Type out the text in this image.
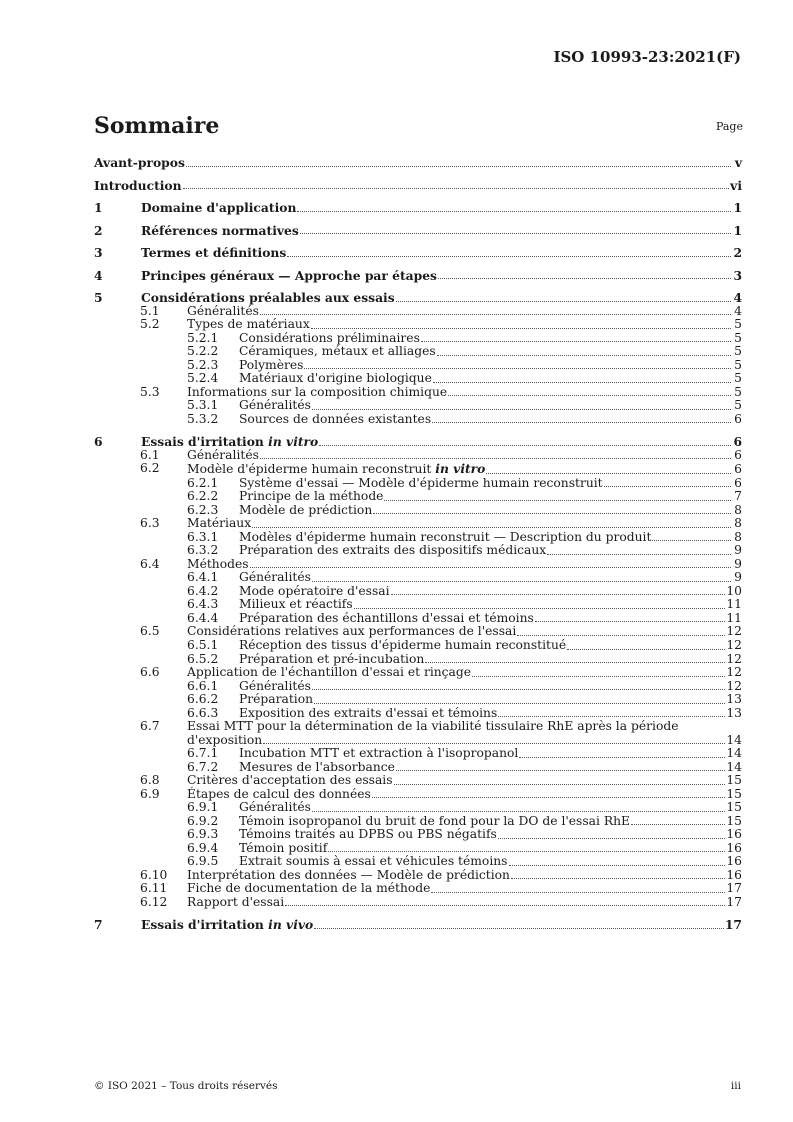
ISO 10993-23:2021(F)
Sommaire	Page
Avant-propos	v
Introduction	vi
1	Domaine d'application	1
2	Références normatives	1
3	Termes et définitions	2
4	Principes généraux — Approche par étapes	3
5	Considérations préalables aux essais	4
5.1 Généralités	4
5.2 Types de matériaux	5
5.2.1 Considérations préliminaires	5
5.2.2 Céramiques, métaux et alliages	5
5.2.3 Polymères	5
5.2.4 Matériaux d'origine biologique	5
5.3 Informations sur la composition chimique	5
5.3.1 Généralités	5
5.3.2 Sources de données existantes	6
6	Essais d'irritation in vitro	6
6.1 Généralités	6
6.2 Modèle d'épiderme humain reconstruit in vitro	6
6.2.1 Système d'essai — Modèle d'épiderme humain reconstruit	6
6.2.2 Principe de la méthode	7
6.2.3 Modèle de prédiction	8
6.3 Matériaux	8
6.3.1 Modèles d'épiderme humain reconstruit — Description du produit	8
6.3.2 Préparation des extraits des dispositifs médicaux	9
6.4 Méthodes	9
6.4.1 Généralités	9
6.4.2 Mode opératoire d'essai	10
6.4.3 Milieux et réactifs	11
6.4.4 Préparation des échantillons d'essai et témoins	11
6.5 Considérations relatives aux performances de l'essai	12
6.5.1 Réception des tissus d'épiderme humain reconstitué	12
6.5.2 Préparation et pré-incubation	12
6.6 Application de l'échantillon d'essai et rinçage	12
6.6.1 Généralités	12
6.6.2 Préparation	13
6.6.3 Exposition des extraits d'essai et témoins	13
6.7 Essai MTT pour la détermination de la viabilité tissulaire RhE après la période
d'exposition	14
6.7.1 Incubation MTT et extraction à l'isopropanol	14
6.7.2 Mesures de l'absorbance	14
6.8 Critères d'acceptation des essais	15
6.9 Étapes de calcul des données	15
6.9.1 Généralités	15
6.9.2 Témoin isopropanol du bruit de fond pour la DO de l'essai RhE	15
6.9.3 Témoins traités au DPBS ou PBS négatifs	16
6.9.4 Témoin positif	16
6.9.5 Extrait soumis à essai et véhicules témoins	16
6.10 Interprétation des données — Modèle de prédiction	16
6.11 Fiche de documentation de la méthode	17
6.12 Rapport d'essai	17
7	Essais d'irritation in vivo	17
© ISO 2021 – Tous droits réservés	iii
